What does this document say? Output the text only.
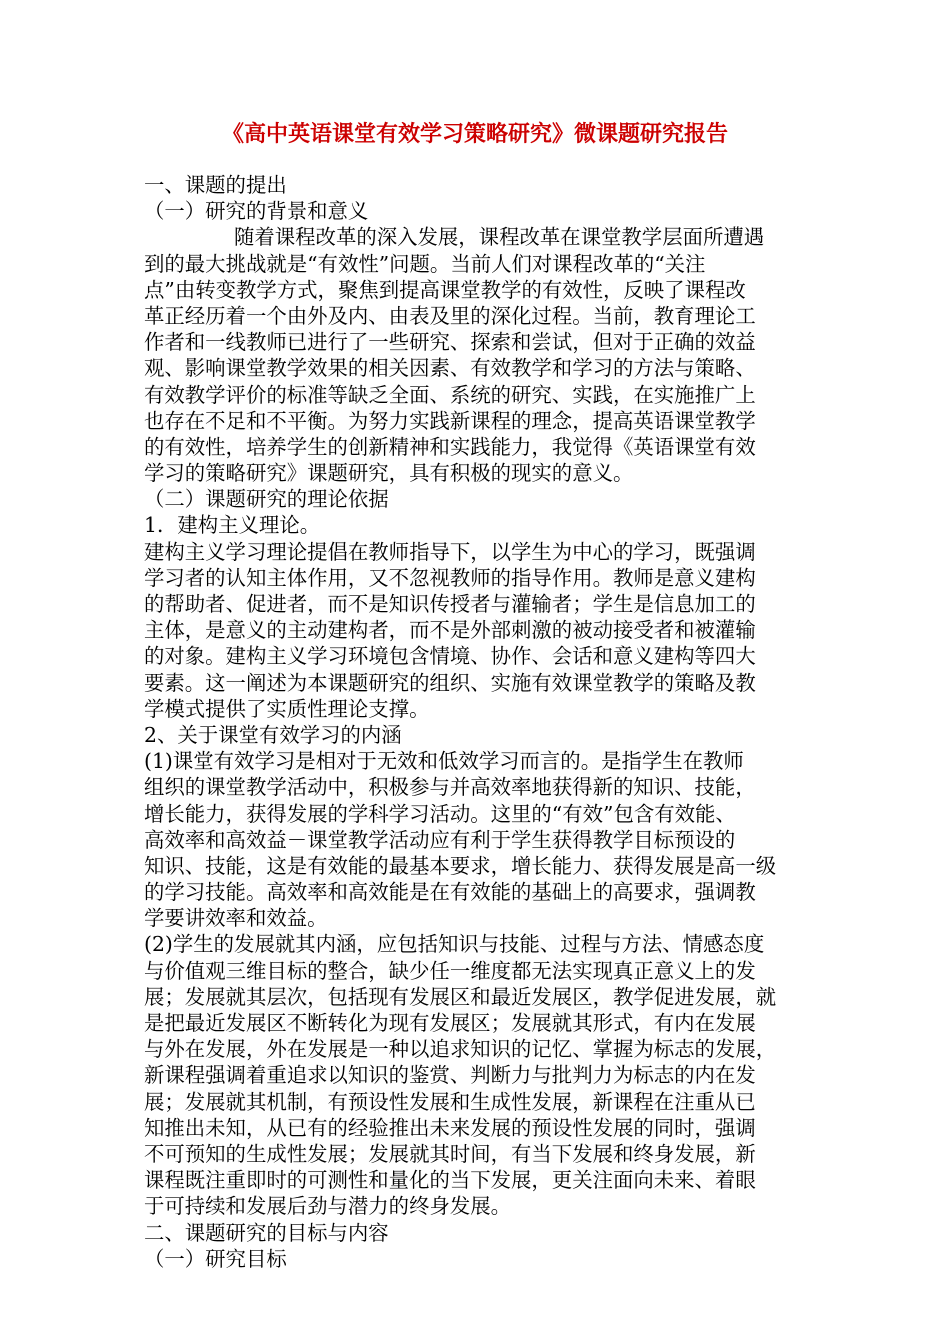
《高中英语课堂有效学习策略研究》微课题研究报告
一、课题的提出
（一）研究的背景和意义
随着课程改革的深入发展，课程改革在课堂教学层面所遭遇
到的最大挑战就是“有效性”问题。当前人们对课程改革的“关注
点”由转变教学方式，聚焦到提高课堂教学的有效性，反映了课程改
革正经历着一个由外及内、由表及里的深化过程。当前，教育理论工
作者和一线教师已进行了一些研究、探索和尝试，但对于正确的效益
观、影响课堂教学效果的相关因素、有效教学和学习的方法与策略、
有效教学评价的标准等缺乏全面、系统的研究、实践，在实施推广上
也存在不足和不平衡。为努力实践新课程的理念，提高英语课堂教学
的有效性，培养学生的创新精神和实践能力，我觉得《英语课堂有效
学习的策略研究》课题研究，具有积极的现实的意义。
（二）课题研究的理论依据
1．建构主义理论。
建构主义学习理论提倡在教师指导下，以学生为中心的学习，既强调
学习者的认知主体作用，又不忽视教师的指导作用。教师是意义建构
的帮助者、促进者，而不是知识传授者与灌输者；学生是信息加工的
主体，是意义的主动建构者，而不是外部刺激的被动接受者和被灌输
的对象。建构主义学习环境包含情境、协作、会话和意义建构等四大
要素。这一阐述为本课题研究的组织、实施有效课堂教学的策略及教
学模式提供了实质性理论支撑。
2、关于课堂有效学习的内涵
(1)课堂有效学习是相对于无效和低效学习而言的。是指学生在教师
组织的课堂教学活动中，积极参与并高效率地获得新的知识、技能，
增长能力，获得发展的学科学习活动。这里的“有效”包含有效能、
高效率和高效益－课堂教学活动应有利于学生获得教学目标预设的
知识、技能，这是有效能的最基本要求，增长能力、获得发展是高一级
的学习技能。高效率和高效能是在有效能的基础上的高要求，强调教
学要讲效率和效益。
(2)学生的发展就其内涵，应包括知识与技能、过程与方法、情感态度
与价值观三维目标的整合，缺少任一维度都无法实现真正意义上的发
展；发展就其层次，包括现有发展区和最近发展区，教学促进发展，就
是把最近发展区不断转化为现有发展区；发展就其形式，有内在发展
与外在发展，外在发展是一种以追求知识的记忆、掌握为标志的发展，
新课程强调着重追求以知识的鉴赏、判断力与批判力为标志的内在发
展；发展就其机制，有预设性发展和生成性发展，新课程在注重从已
知推出未知，从已有的经验推出未来发展的预设性发展的同时，强调
不可预知的生成性发展；发展就其时间，有当下发展和终身发展，新
课程既注重即时的可测性和量化的当下发展，更关注面向未来、着眼
于可持续和发展后劲与潜力的终身发展。
二、课题研究的目标与内容
（一）研究目标
